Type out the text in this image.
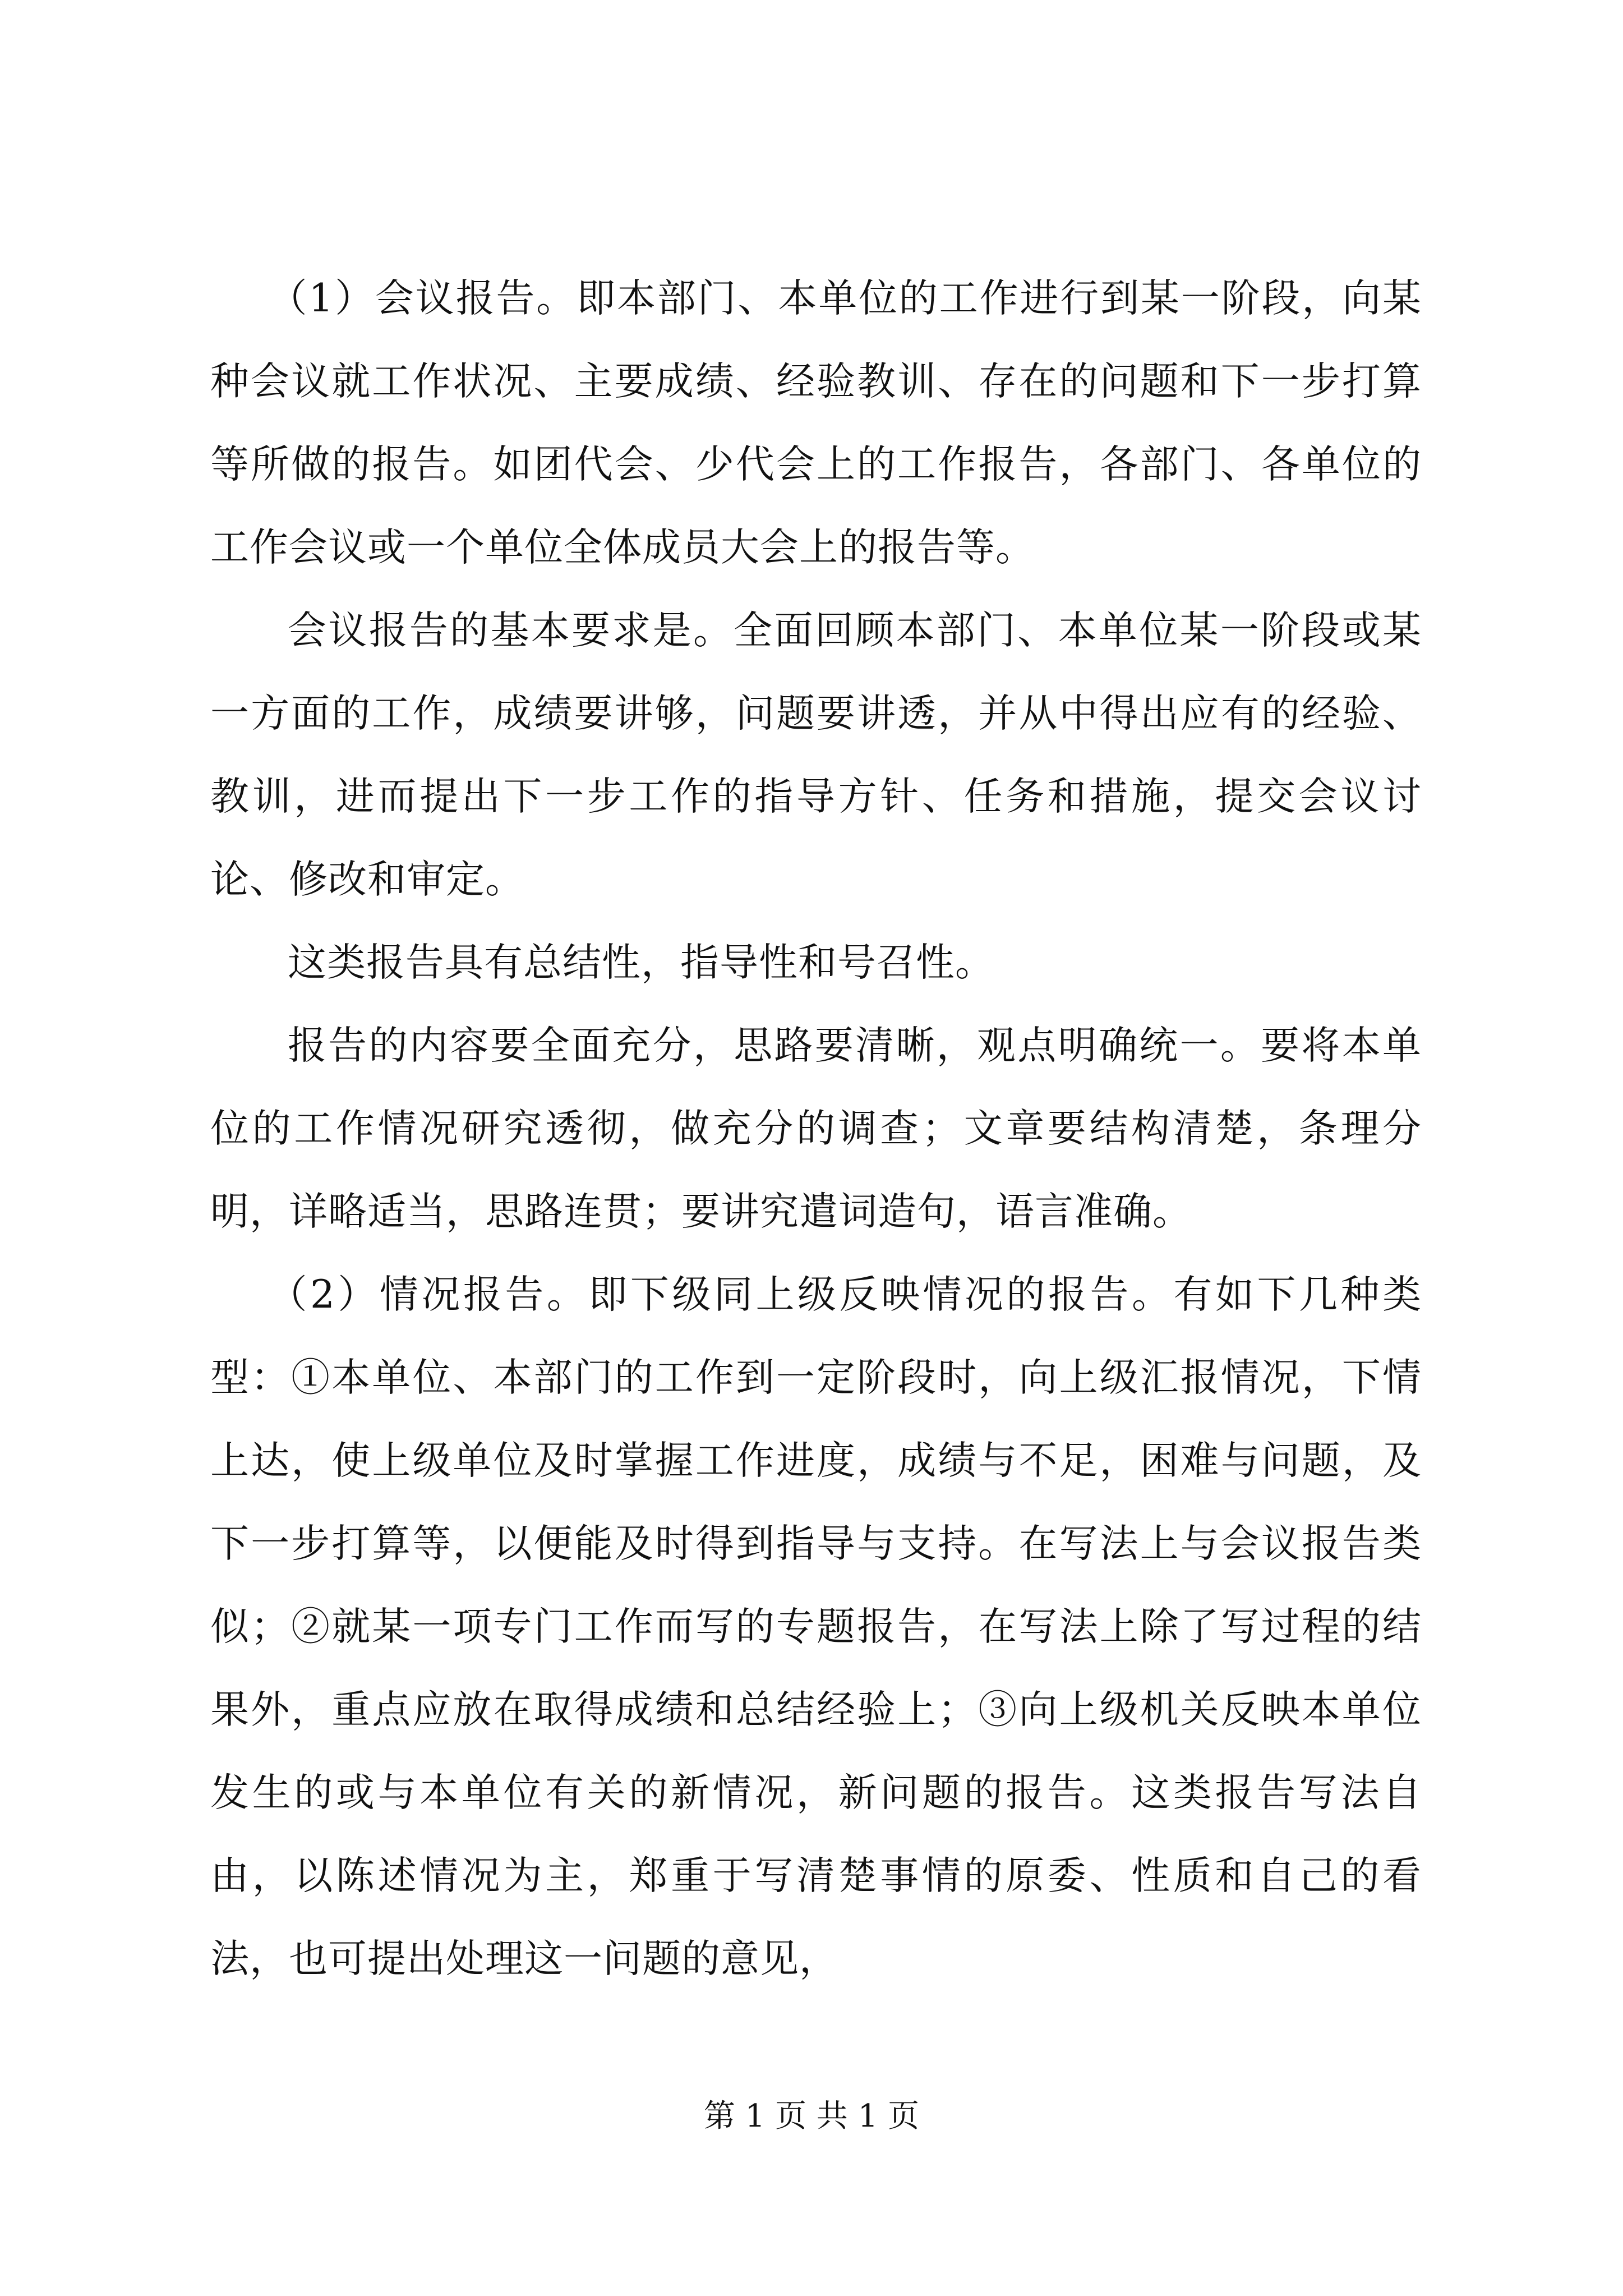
（1）会议报告。即本部门、本单位的工作进行到某一阶段，向某种会议就工作状况、主要成绩、经验教训、存在的问题和下一步打算等所做的报告。如团代会、少代会上的工作报告，各部门、各单位的工作会议或一个单位全体成员大会上的报告等。

会议报告的基本要求是。全面回顾本部门、本单位某一阶段或某一方面的工作，成绩要讲够，问题要讲透，并从中得出应有的经验、教训，进而提出下一步工作的指导方针、任务和措施，提交会议讨论、修改和审定。

这类报告具有总结性，指导性和号召性。

报告的内容要全面充分，思路要清晰，观点明确统一。要将本单位的工作情况研究透彻，做充分的调查；文章要结构清楚，条理分明，详略适当，思路连贯；要讲究遣词造句，语言准确。

（2）情况报告。即下级同上级反映情况的报告。有如下几种类型：①本单位、本部门的工作到一定阶段时，向上级汇报情况，下情上达，使上级单位及时掌握工作进度，成绩与不足，困难与问题，及下一步打算等，以便能及时得到指导与支持。在写法上与会议报告类似；②就某一项专门工作而写的专题报告，在写法上除了写过程的结果外，重点应放在取得成绩和总结经验上；③向上级机关反映本单位发生的或与本单位有关的新情况，新问题的报告。这类报告写法自由，以陈述情况为主，郑重于写清楚事情的原委、性质和自己的看法，也可提出处理这一问题的意见，

第 1 页 共 1 页
